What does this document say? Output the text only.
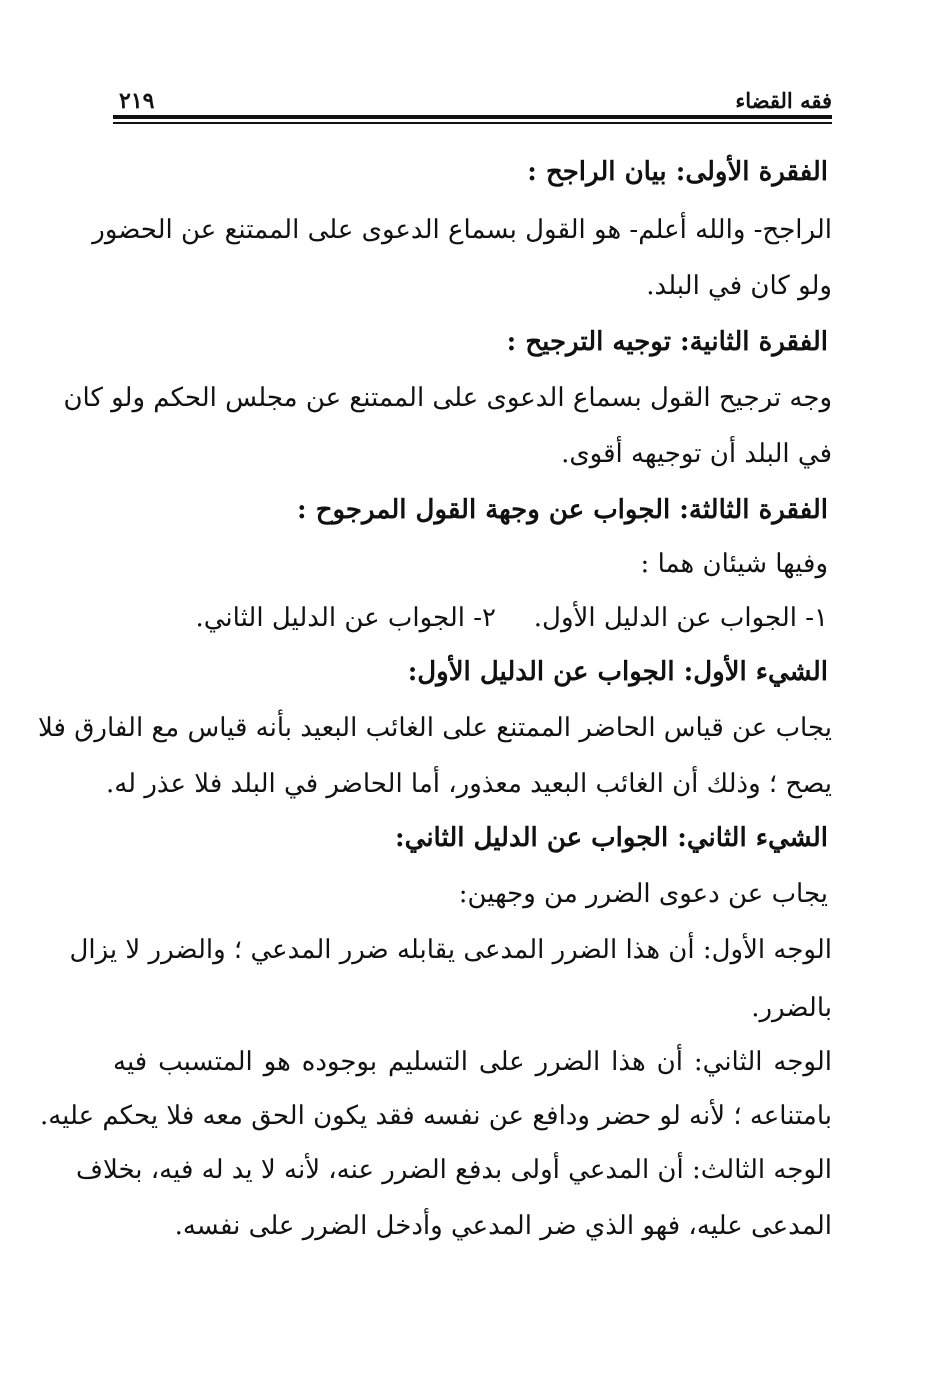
فقه القضاء
٢١٩
الفقرة الأولى: بيان الراجح :
الراجح- والله أعلم- هو القول بسماع الدعوى على الممتنع عن الحضور
ولو كان في البلد.
الفقرة الثانية: توجيه الترجيح :
وجه ترجيح القول بسماع الدعوى على الممتنع عن مجلس الحكم ولو كان
في البلد أن توجيهه أقوى.
الفقرة الثالثة: الجواب عن وجهة القول المرجوح :
وفيها شيئان هما :
١- الجواب عن الدليل الأول.
٢- الجواب عن الدليل الثاني.
الشيء الأول: الجواب عن الدليل الأول:
يجاب عن قياس الحاضر الممتنع على الغائب البعيد بأنه قياس مع الفارق فلا
يصح ؛ وذلك أن الغائب البعيد معذور، أما الحاضر في البلد فلا عذر له.
الشيء الثاني: الجواب عن الدليل الثاني:
يجاب عن دعوى الضرر من وجهين:
الوجه الأول: أن هذا الضرر المدعى يقابله ضرر المدعي ؛ والضرر لا يزال
بالضرر.
الوجه الثاني: أن هذا الضرر على التسليم بوجوده هو المتسبب فيه
بامتناعه ؛ لأنه لو حضر ودافع عن نفسه فقد يكون الحق معه فلا يحكم عليه.
الوجه الثالث: أن المدعي أولى بدفع الضرر عنه، لأنه لا يد له فيه، بخلاف
المدعى عليه، فهو الذي ضر المدعي وأدخل الضرر على نفسه.
